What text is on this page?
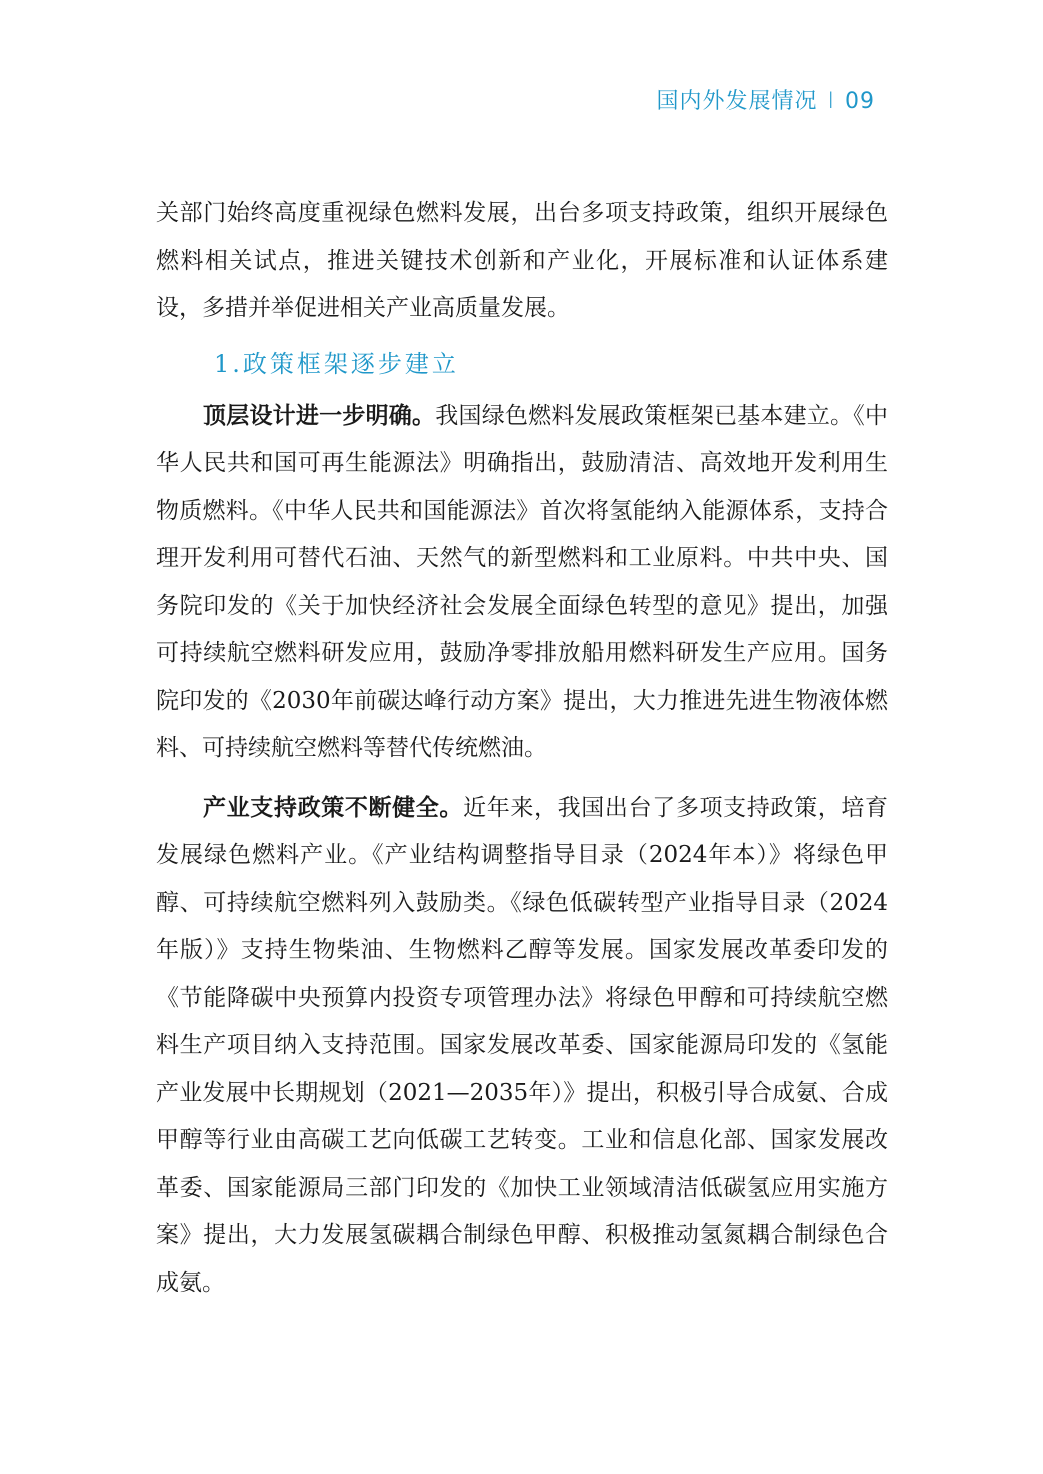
国内外发展情况 I 09

关部门始终高度重视绿色燃料发展，出台多项支持政策，组织开展绿色燃料相关试点，推进关键技术创新和产业化，开展标准和认证体系建设，多措并举促进相关产业高质量发展。

1.政策框架逐步建立

顶层设计进一步明确。我国绿色燃料发展政策框架已基本建立。《中华人民共和国可再生能源法》明确指出，鼓励清洁、高效地开发利用生物质燃料。《中华人民共和国能源法》首次将氢能纳入能源体系，支持合理开发利用可替代石油、天然气的新型燃料和工业原料。中共中央、国务院印发的《关于加快经济社会发展全面绿色转型的意见》提出，加强可持续航空燃料研发应用，鼓励净零排放船用燃料研发生产应用。国务院印发的《2030年前碳达峰行动方案》提出，大力推进先进生物液体燃料、可持续航空燃料等替代传统燃油。

产业支持政策不断健全。近年来，我国出台了多项支持政策，培育发展绿色燃料产业。《产业结构调整指导目录（2024年本）》将绿色甲醇、可持续航空燃料列入鼓励类。《绿色低碳转型产业指导目录（2024年版）》支持生物柴油、生物燃料乙醇等发展。国家发展改革委印发的《节能降碳中央预算内投资专项管理办法》将绿色甲醇和可持续航空燃料生产项目纳入支持范围。国家发展改革委、国家能源局印发的《氢能产业发展中长期规划（2021—2035年）》提出，积极引导合成氨、合成甲醇等行业由高碳工艺向低碳工艺转变。工业和信息化部、国家发展改革委、国家能源局三部门印发的《加快工业领域清洁低碳氢应用实施方案》提出，大力发展氢碳耦合制绿色甲醇、积极推动氢氮耦合制绿色合成氨。
